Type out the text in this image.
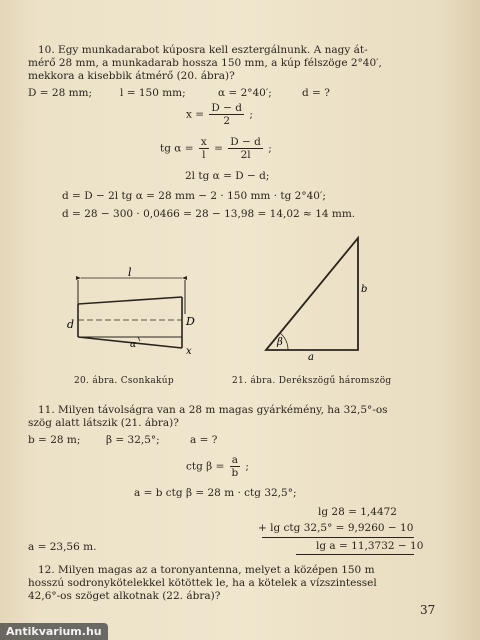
10. Egy munkadarabot kúposra kell esztergálnunk. A nagy át-
mérő 28 mm, a munkadarab hossza 150 mm, a kúp félszöge 2°40′,
mekkora a kisebbik átmérő (20. ábra)?
D = 28 mm;	l = 150 mm;	α = 2°40′;	d = ?
$x = \frac{D - d}{2}$ ;
tg $\alpha = \frac{x}{l} = \frac{D - d}{2l}$ ;
2l tg α = D − d;
d = D − 2l tg α = 28 mm − 2 · 150 mm · tg 2°40′;
d = 28 − 300 · 0,0466 = 28 − 13,98 = 14,02 ≈ 14 mm.
l
d	D
α
x
20. ábra. Csonkakúp
b
β
a
21. ábra. Derékszögű háromszög
11. Milyen távolságra van a 28 m magas gyárkémény, ha 32,5°-os
szög alatt látszik (21. ábra)?
b = 28 m; β = 32,5°;	a = ?
ctg $\beta = \frac{a}{b}$ ;
a = b ctg β = 28 m · ctg 32,5°;
lg 28 = 1,4472
+ lg ctg 32,5° = 9,9260 − 10
lg a = 11,3732 − 10
a = 23,56 m.
12. Milyen magas az a toronyantenna, melyet a középen 150 m
hosszú sodronykötelekkel kötöttek le, ha a kötelek a vízszintessel
42,6°-os szöget alkotnak (22. ábra)?
37
Antikvarium.hu
